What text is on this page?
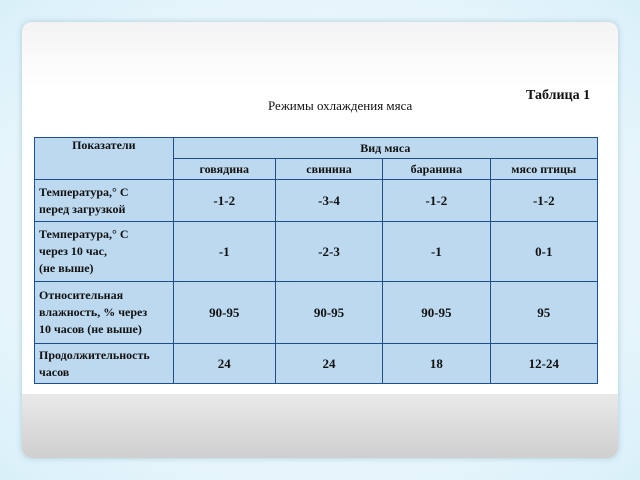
Таблица 1
Режимы охлаждения мяса
Показатели	Вид мяса			
	говядина	свинина	баранина	мясо птицы

Температура,° С
перед загрузкой	-1-2	-3-4	-1-2	-1-2

Температура,° С
через 10 час,
(не выше)	-1	-2-3	-1	0-1

Относительная
влажность, % через
10 часов (не выше)	90-95	90-95	90-95	95

Продолжительность
часов	24	24	18	12-24
